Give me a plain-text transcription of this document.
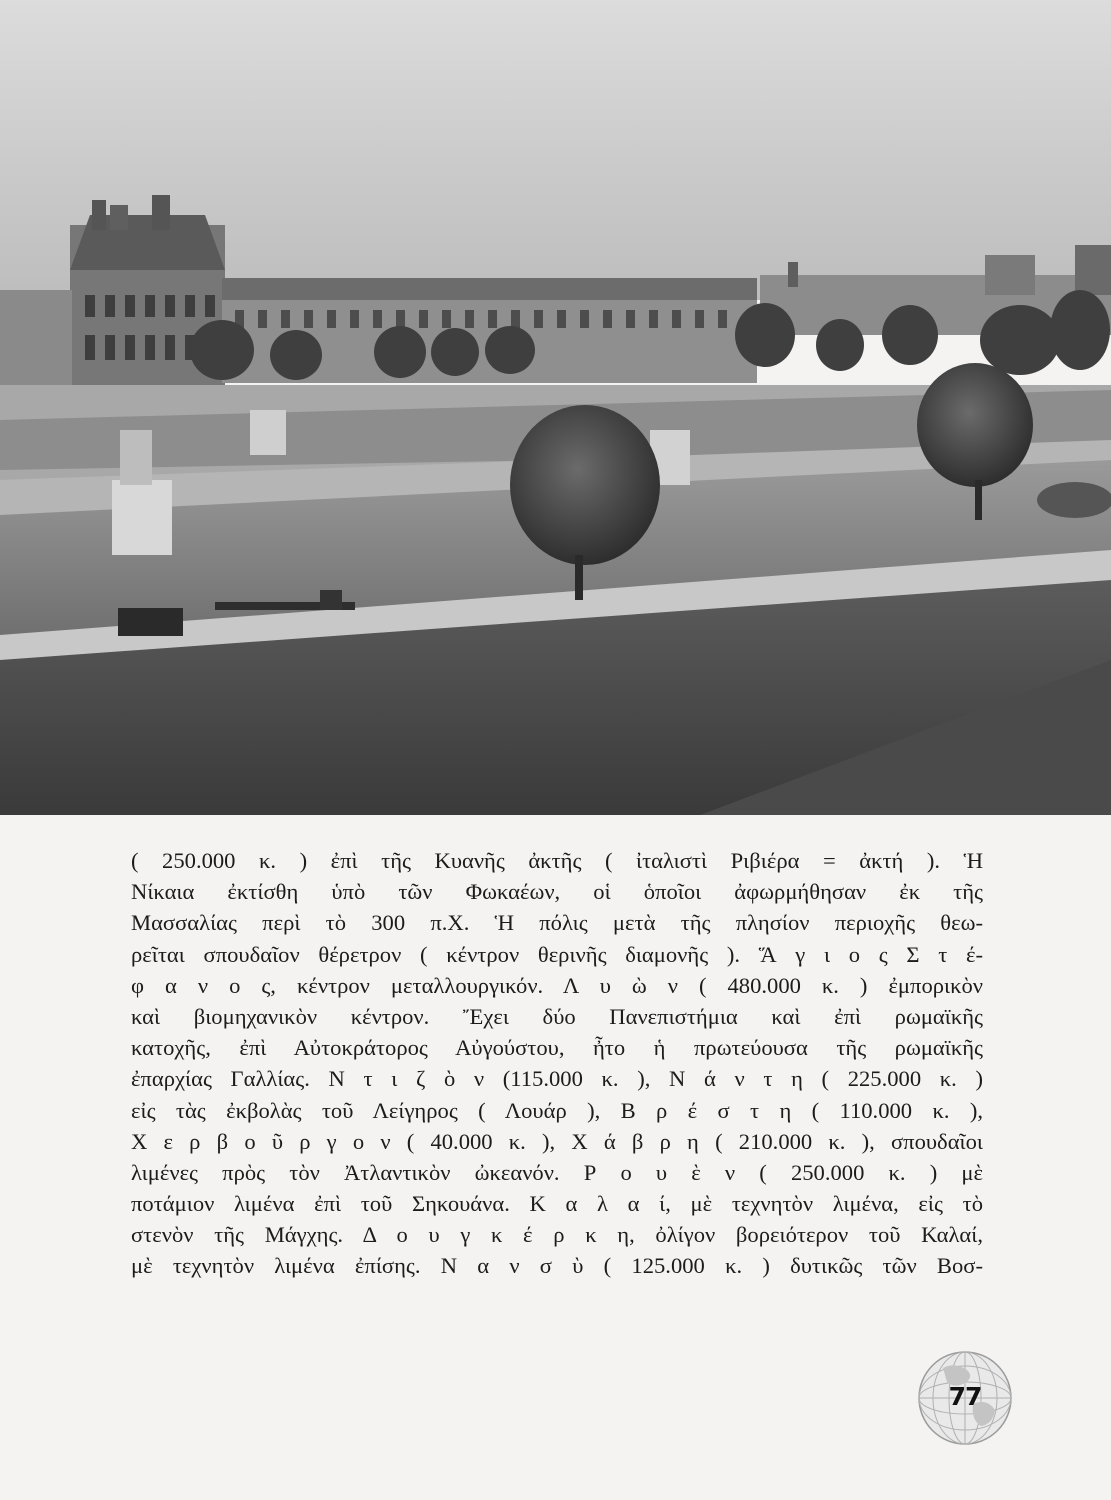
( 250.000 κ. ) ἐπὶ τῆς Κυανῆς ἀκτῆς ( ἰταλιστὶ Ριβιέρα = ἀκτή ). Ἡ
Νίκαια ἐκτίσθη ὑπὸ τῶν Φωκαέων, οἱ ὁποῖοι ἀφωρμήθησαν ἐκ τῆς
Μασσαλίας περὶ τὸ 300 π.Χ. Ἡ πόλις μετὰ τῆς πλησίον περιοχῆς θεω-
ρεῖται σπουδαῖον θέρετρον ( κέντρον θερινῆς διαμονῆς ). Ἅ γ ι ο ς Σ τ έ-
φ α ν ο ς, κέντρον μεταλλουργικόν. Λ υ ὼ ν ( 480.000 κ. ) ἐμπορικὸν
καὶ βιομηχανικὸν κέντρον. Ἔχει δύο Πανεπιστήμια καὶ ἐπὶ ρωμαϊκῆς
κατοχῆς, ἐπὶ Αὐτοκράτορος Αὐγούστου, ἦτο ἡ πρωτεύουσα τῆς ρωμαϊκῆς
ἐπαρχίας Γαλλίας. Ν τ ι ζ ὸ ν (115.000 κ. ), Ν ά ν τ η ( 225.000 κ. )
εἰς τὰς ἐκβολὰς τοῦ Λείγηρος ( Λουάρ ), Β ρ έ σ τ η ( 110.000 κ. ),
Χ ε ρ β ο ῦ ρ γ ο ν ( 40.000 κ. ), Χ ά β ρ η ( 210.000 κ. ), σπουδαῖοι
λιμένες πρὸς τὸν Ἀτλαντικὸν ὠκεανόν. Ρ ο υ ὲ ν ( 250.000 κ. ) μὲ
ποτάμιον λιμένα ἐπὶ τοῦ Σηκουάνα. Κ α λ α ί, μὲ τεχνητὸν λιμένα, εἰς τὸ
στενὸν τῆς Μάγχης. Δ ο υ γ κ έ ρ κ η, ὀλίγον βορειότερον τοῦ Καλαί,
μὲ τεχνητὸν λιμένα ἐπίσης. Ν α ν σ ὺ ( 125.000 κ. ) δυτικῶς τῶν Βοσ-

77
